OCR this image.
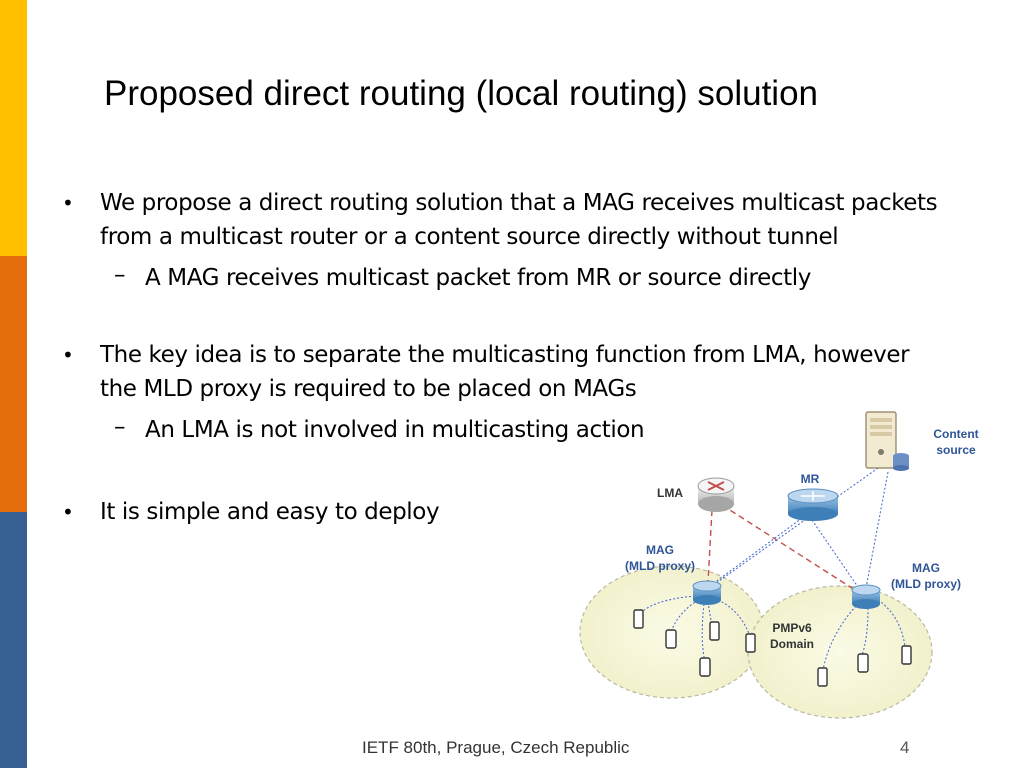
Proposed direct routing (local routing) solution
• We propose a direct routing solution that a MAG receives multicast packets
from a multicast router or a content source directly without tunnel
– A MAG receives multicast packet from MR or source directly
• The key idea is to separate the multicasting function from LMA, however
the MLD proxy is required to be placed on MAGs
– An LMA is not involved in multicasting action
• It is simple and easy to deploy
Content
source
MR
LMA
MAG
(MLD proxy)	MAG
(MLD proxy)
PMPv6
Domain
IETF 80th, Prague, Czech Republic	4
